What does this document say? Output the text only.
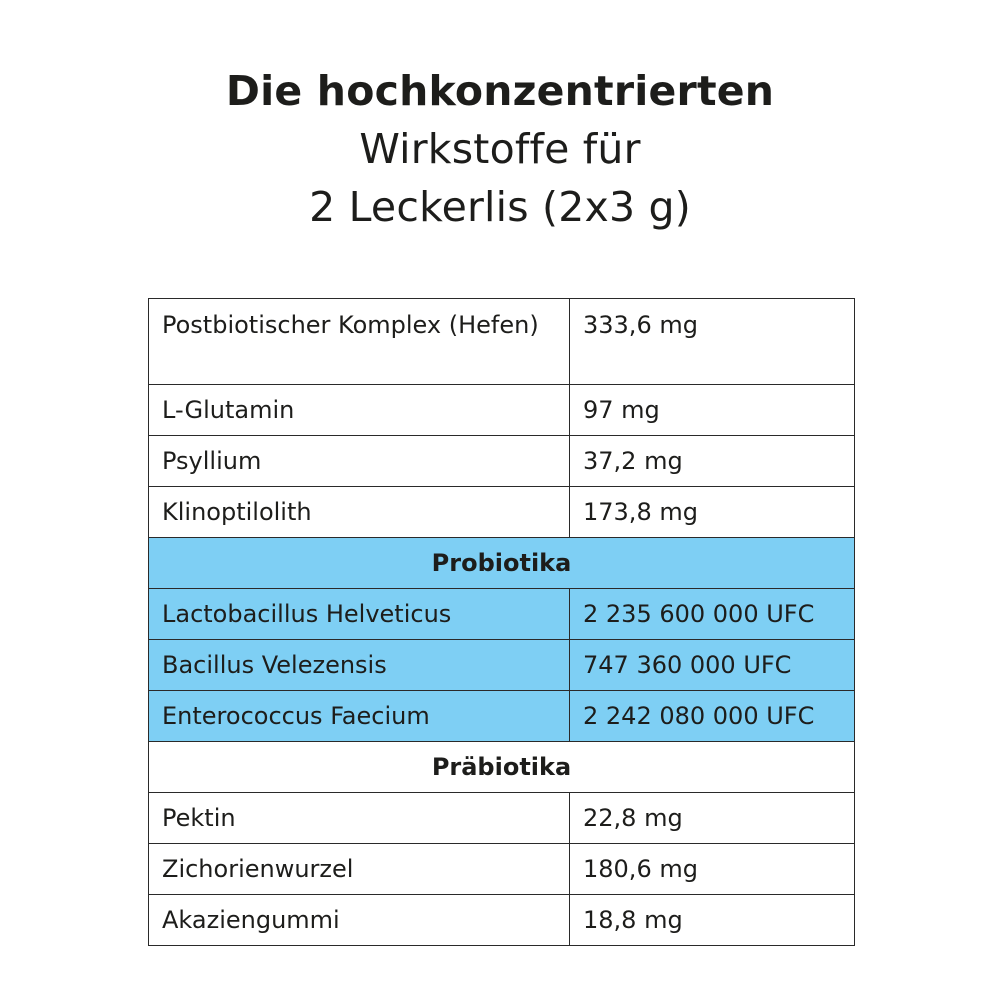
Die hochkonzentrierten
Wirkstoffe für
2 Leckerlis (2x3 g)
Postbiotischer Komplex (Hefen)	333,6 mg
L-Glutamin	97 mg
Psyllium	37,2 mg
Klinoptilolith	173,8 mg
Probiotika	
Lactobacillus Helveticus	2 235 600 000 UFC
Bacillus Velezensis	747 360 000 UFC
Enterococcus Faecium	2 242 080 000 UFC
Präbiotika	
Pektin	22,8 mg
Zichorienwurzel	180,6 mg
Akaziengummi	18,8 mg
